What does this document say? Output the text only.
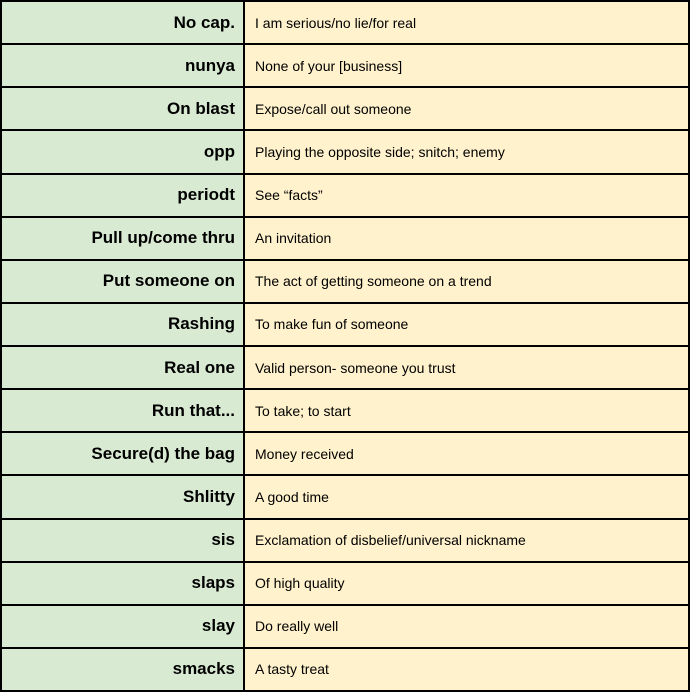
No cap.	I am serious/no lie/for real
nunya	None of your [business]
On blast	Expose/call out someone
opp	Playing the opposite side; snitch; enemy
periodt	See “facts”
Pull up/come thru	An invitation
Put someone on	The act of getting someone on a trend
Rashing	To make fun of someone
Real one	Valid person- someone you trust
Run that...	To take; to start
Secure(d) the bag	Money received
Shlitty	A good time
sis	Exclamation of disbelief/universal nickname
slaps	Of high quality
slay	Do really well
smacks	A tasty treat
